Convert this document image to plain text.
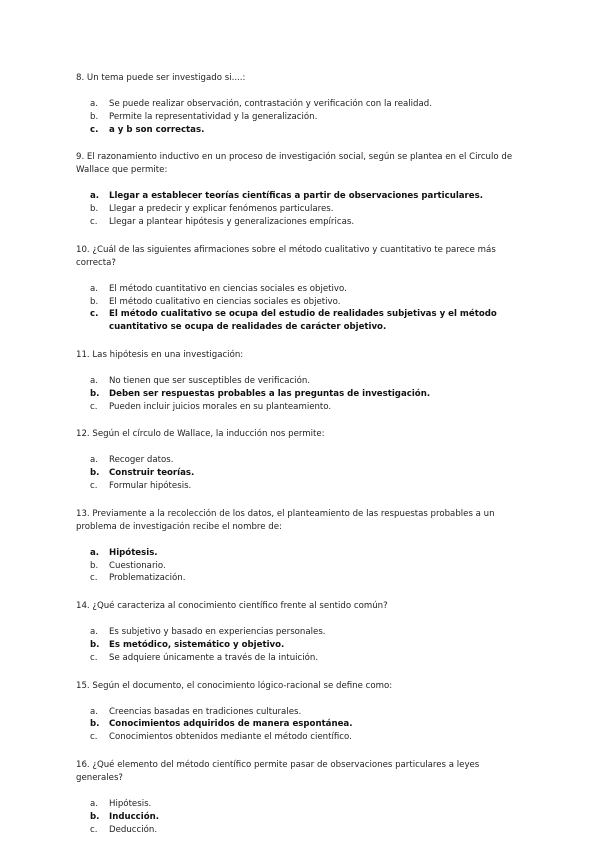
8. Un tema puede ser investigado si....:

a.	Se puede realizar observación, contrastación y verificación con la realidad.
b.	Permite la representatividad y la generalización.
c.	a y b son correctas.

9. El razonamiento inductivo en un proceso de investigación social, según se plantea en el Circulo de Wallace que permite:

a.	Llegar a establecer teorías científicas a partir de observaciones particulares.
b.	Llegar a predecir y explicar fenómenos particulares.
c.	Llegar a plantear hipótesis y generalizaciones empíricas.

10. ¿Cuál de las siguientes afirmaciones sobre el método cualitativo y cuantitativo te parece más correcta?

a.	El método cuantitativo en ciencias sociales es objetivo.
b.	El método cualitativo en ciencias sociales es objetivo.
c.	El método cualitativo se ocupa del estudio de realidades subjetivas y el método cuantitativo se ocupa de realidades de carácter objetivo.

11. Las hipótesis en una investigación:

a.	No tienen que ser susceptibles de verificación.
b.	Deben ser respuestas probables a las preguntas de investigación.
c.	Pueden incluir juicios morales en su planteamiento.

12. Según el círculo de Wallace, la inducción nos permite:

a.	Recoger datos.
b.	Construir teorías.
c.	Formular hipótesis.

13. Previamente a la recolección de los datos, el planteamiento de las respuestas probables a un problema de investigación recibe el nombre de:

a.	Hipótesis.
b.	Cuestionario.
c.	Problematización.

14. ¿Qué caracteriza al conocimiento científico frente al sentido común?

a.	Es subjetivo y basado en experiencias personales.
b.	Es metódico, sistemático y objetivo.
c.	Se adquiere únicamente a través de la intuición.

15. Según el documento, el conocimiento lógico-racional se define como:

a.	Creencias basadas en tradiciones culturales.
b.	Conocimientos adquiridos de manera espontánea.
c.	Conocimientos obtenidos mediante el método científico.

16. ¿Qué elemento del método científico permite pasar de observaciones particulares a leyes generales?

a.	Hipótesis.
b.	Inducción.
c.	Deducción.
